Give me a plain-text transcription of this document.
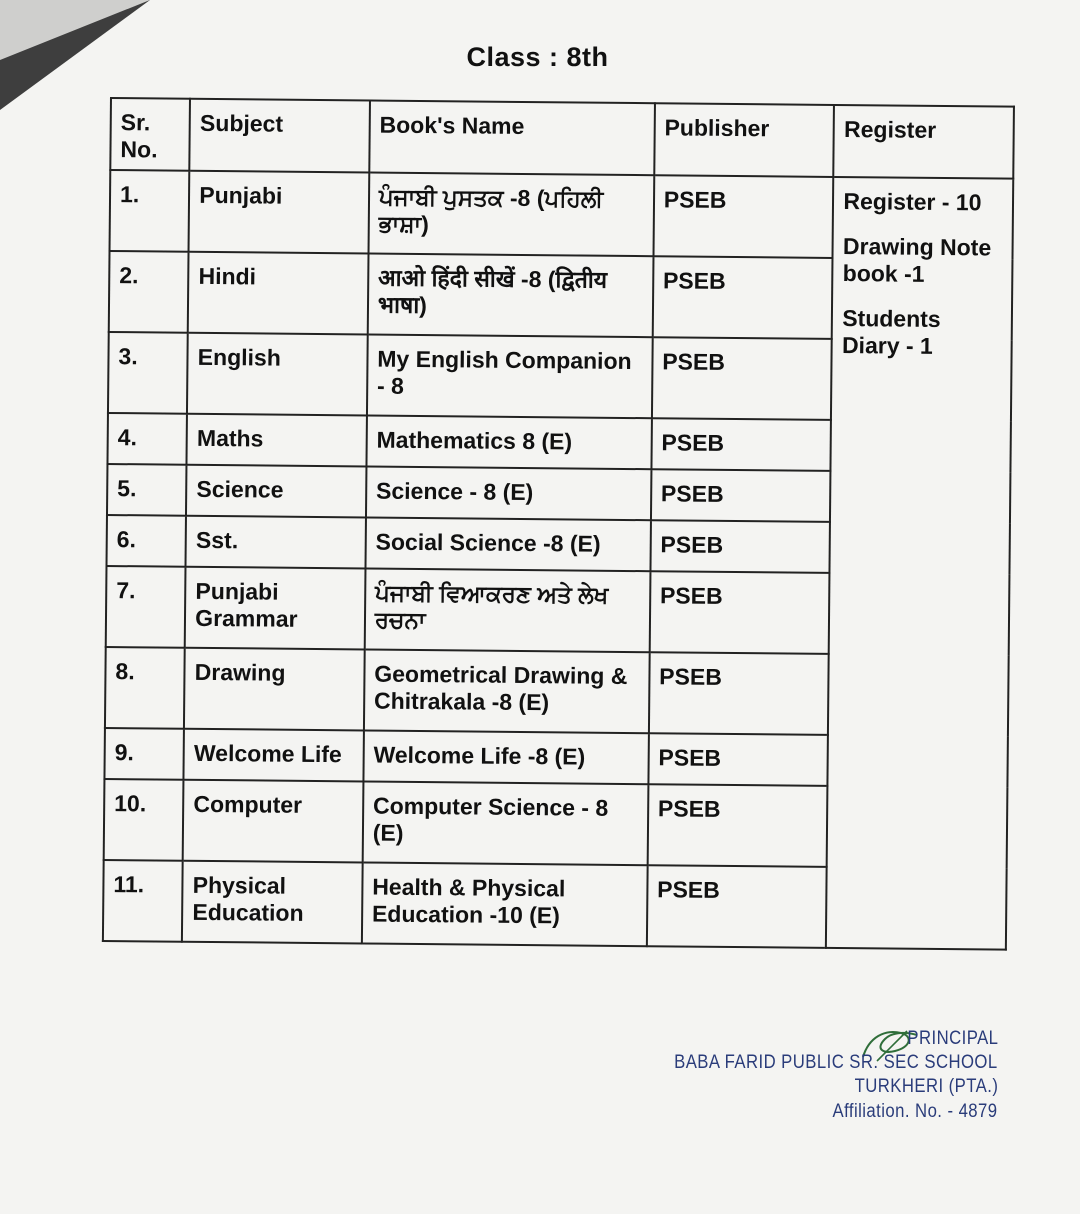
Class : 8th
Sr. No.	Subject	Book's Name	Publisher	Register
1.	Punjabi	ਪੰਜਾਬੀ ਪੁਸਤਕ -8 (ਪਹਿਲੀ ਭਾਸ਼ਾ)	PSEB	Register - 10
Drawing Note book -1
Students Diary - 1

2.	Hindi	आओ हिंदी सीखें -8 (द्वितीय भाषा)	PSEB	
3.	English	My English Companion - 8	PSEB	
4.	Maths	Mathematics 8 (E)	PSEB	
5.	Science	Science - 8 (E)	PSEB	
6.	Sst.	Social Science -8 (E)	PSEB	
7.	Punjabi Grammar	ਪੰਜਾਬੀ ਵਿਆਕਰਣ ਅਤੇ ਲੇਖ ਰਚਨਾ	PSEB	
8.	Drawing	Geometrical Drawing & Chitrakala -8 (E)	PSEB	
9.	Welcome Life	Welcome Life -8 (E)	PSEB	
10.	Computer	Computer Science - 8 (E)	PSEB	
11.	Physical Education	Health & Physical Education -10 (E)	PSEB	
PRINCIPAL
BABA FARID PUBLIC SR. SEC SCHOOL
TURKHERI (PTA.)
Affiliation. No. - 4879
